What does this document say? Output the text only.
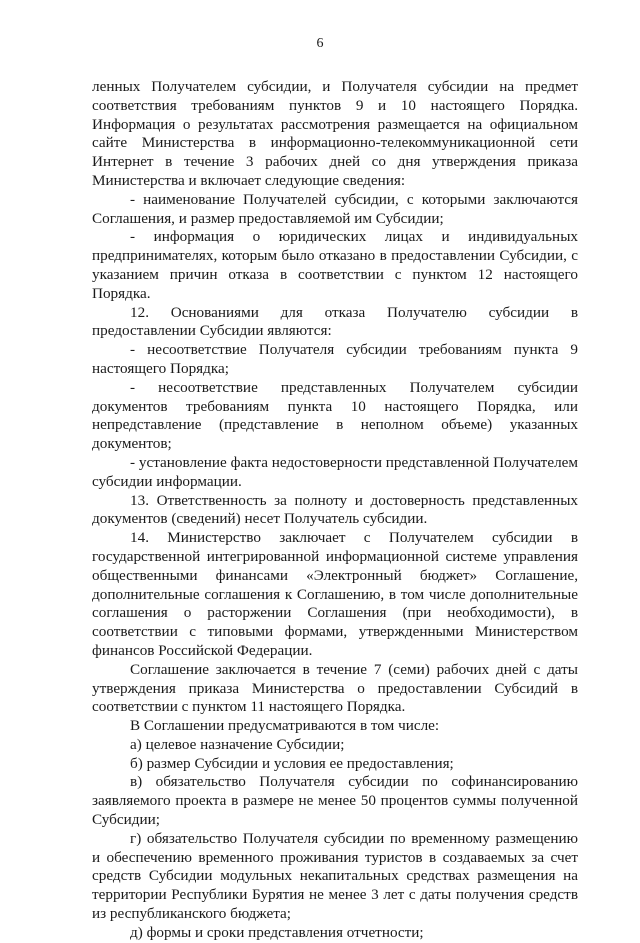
6

ленных Получателем субсидии, и Получателя субсидии на предмет соответствия требованиям пунктов 9 и 10 настоящего Порядка. Информация о результатах рассмотрения размещается на официальном сайте Министерства в информационно-телекоммуникационной сети Интернет в течение 3 рабочих дней со дня утверждения приказа Министерства и включает следующие сведения:

- наименование Получателей субсидии, с которыми заключаются Соглашения, и размер предоставляемой им Субсидии;

- информация о юридических лицах и индивидуальных предпринимателях, которым было отказано в предоставлении Субсидии, с указанием причин отказа в соответствии с пунктом 12 настоящего Порядка.

12. Основаниями для отказа Получателю субсидии в предоставлении Субсидии являются:

- несоответствие Получателя субсидии требованиям пункта 9 настоящего Порядка;

- несоответствие представленных Получателем субсидии документов требованиям пункта 10 настоящего Порядка, или непредставление (представление в неполном объеме) указанных документов;

- установление факта недостоверности представленной Получателем субсидии информации.

13. Ответственность за полноту и достоверность представленных документов (сведений) несет Получатель субсидии.

14. Министерство заключает с Получателем субсидии в государственной интегрированной информационной системе управления общественными финансами «Электронный бюджет» Соглашение, дополнительные соглашения к Соглашению, в том числе дополнительные соглашения о расторжении Соглашения (при необходимости), в соответствии с типовыми формами, утвержденными Министерством финансов Российской Федерации.

Соглашение заключается в течение 7 (семи) рабочих дней с даты утверждения приказа Министерства о предоставлении Субсидий в соответствии с пунктом 11 настоящего Порядка.

В Соглашении предусматриваются в том числе:

а) целевое назначение Субсидии;

б) размер Субсидии и условия ее предоставления;

в) обязательство Получателя субсидии по софинансированию заявляемого проекта в размере не менее 50 процентов суммы полученной Субсидии;

г) обязательство Получателя субсидии по временному размещению и обеспечению временного проживания туристов в создаваемых за счет средств Субсидии модульных некапитальных средствах размещения на территории Республики Бурятия не менее 3 лет с даты получения средств из республиканского бюджета;

д) формы и сроки представления отчетности;
